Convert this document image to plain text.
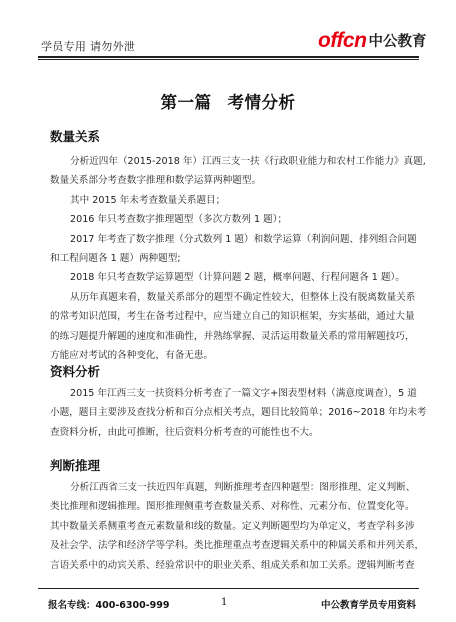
学员专用 请勿外泄	offcn 中公教育
第一篇 考情分析
数量关系
分析近四年（2015-2018 年）江西三支一扶《行政职业能力和农村工作能力》真题,
数量关系部分考查数字推理和数学运算两种题型。
其中 2015 年未考查数量关系题目；
2016 年只考查数字推理题型（多次方数列 1 题）；
2017 年考查了数字推理（分式数列 1 题）和数学运算（利润问题、排列组合问题
和工程问题各 1 题）两种题型;
2018 年只考查数学运算题型（计算问题 2 题，概率问题、行程问题各 1 题）。
从历年真题来看，数量关系部分的题型不确定性较大，但整体上没有脱离数量关系
的常考知识范围，考生在备考过程中，应当建立自己的知识框架，夯实基础，通过大量
的练习题提升解题的速度和准确性，并熟练掌握、灵活运用数量关系的常用解题技巧，
方能应对考试的各种变化，有备无患。
资料分析
2015 年江西三支一扶资料分析考查了一篇文字+图表型材料（满意度调查），5 道
小题，题目主要涉及查找分析和百分点相关考点，题目比较简单；2016~2018 年均未考
查资料分析，由此可推断，往后资料分析考查的可能性也不大。
判断推理
分析江西省三支一扶近四年真题，判断推理考查四种题型：图形推理、定义判断、
类比推理和逻辑推理。图形推理侧重考查数量关系、对称性、元素分布、位置变化等。
其中数量关系侧重考查元素数量和线的数量。定义判断题型均为单定义，考查学科多涉
及社会学、法学和经济学等学科。类比推理重点考查逻辑关系中的种属关系和并列关系，
言语关系中的动宾关系、经验常识中的职业关系、组成关系和加工关系。逻辑判断考查
报名专线：400-6300-999	1	中公教育学员专用资料
